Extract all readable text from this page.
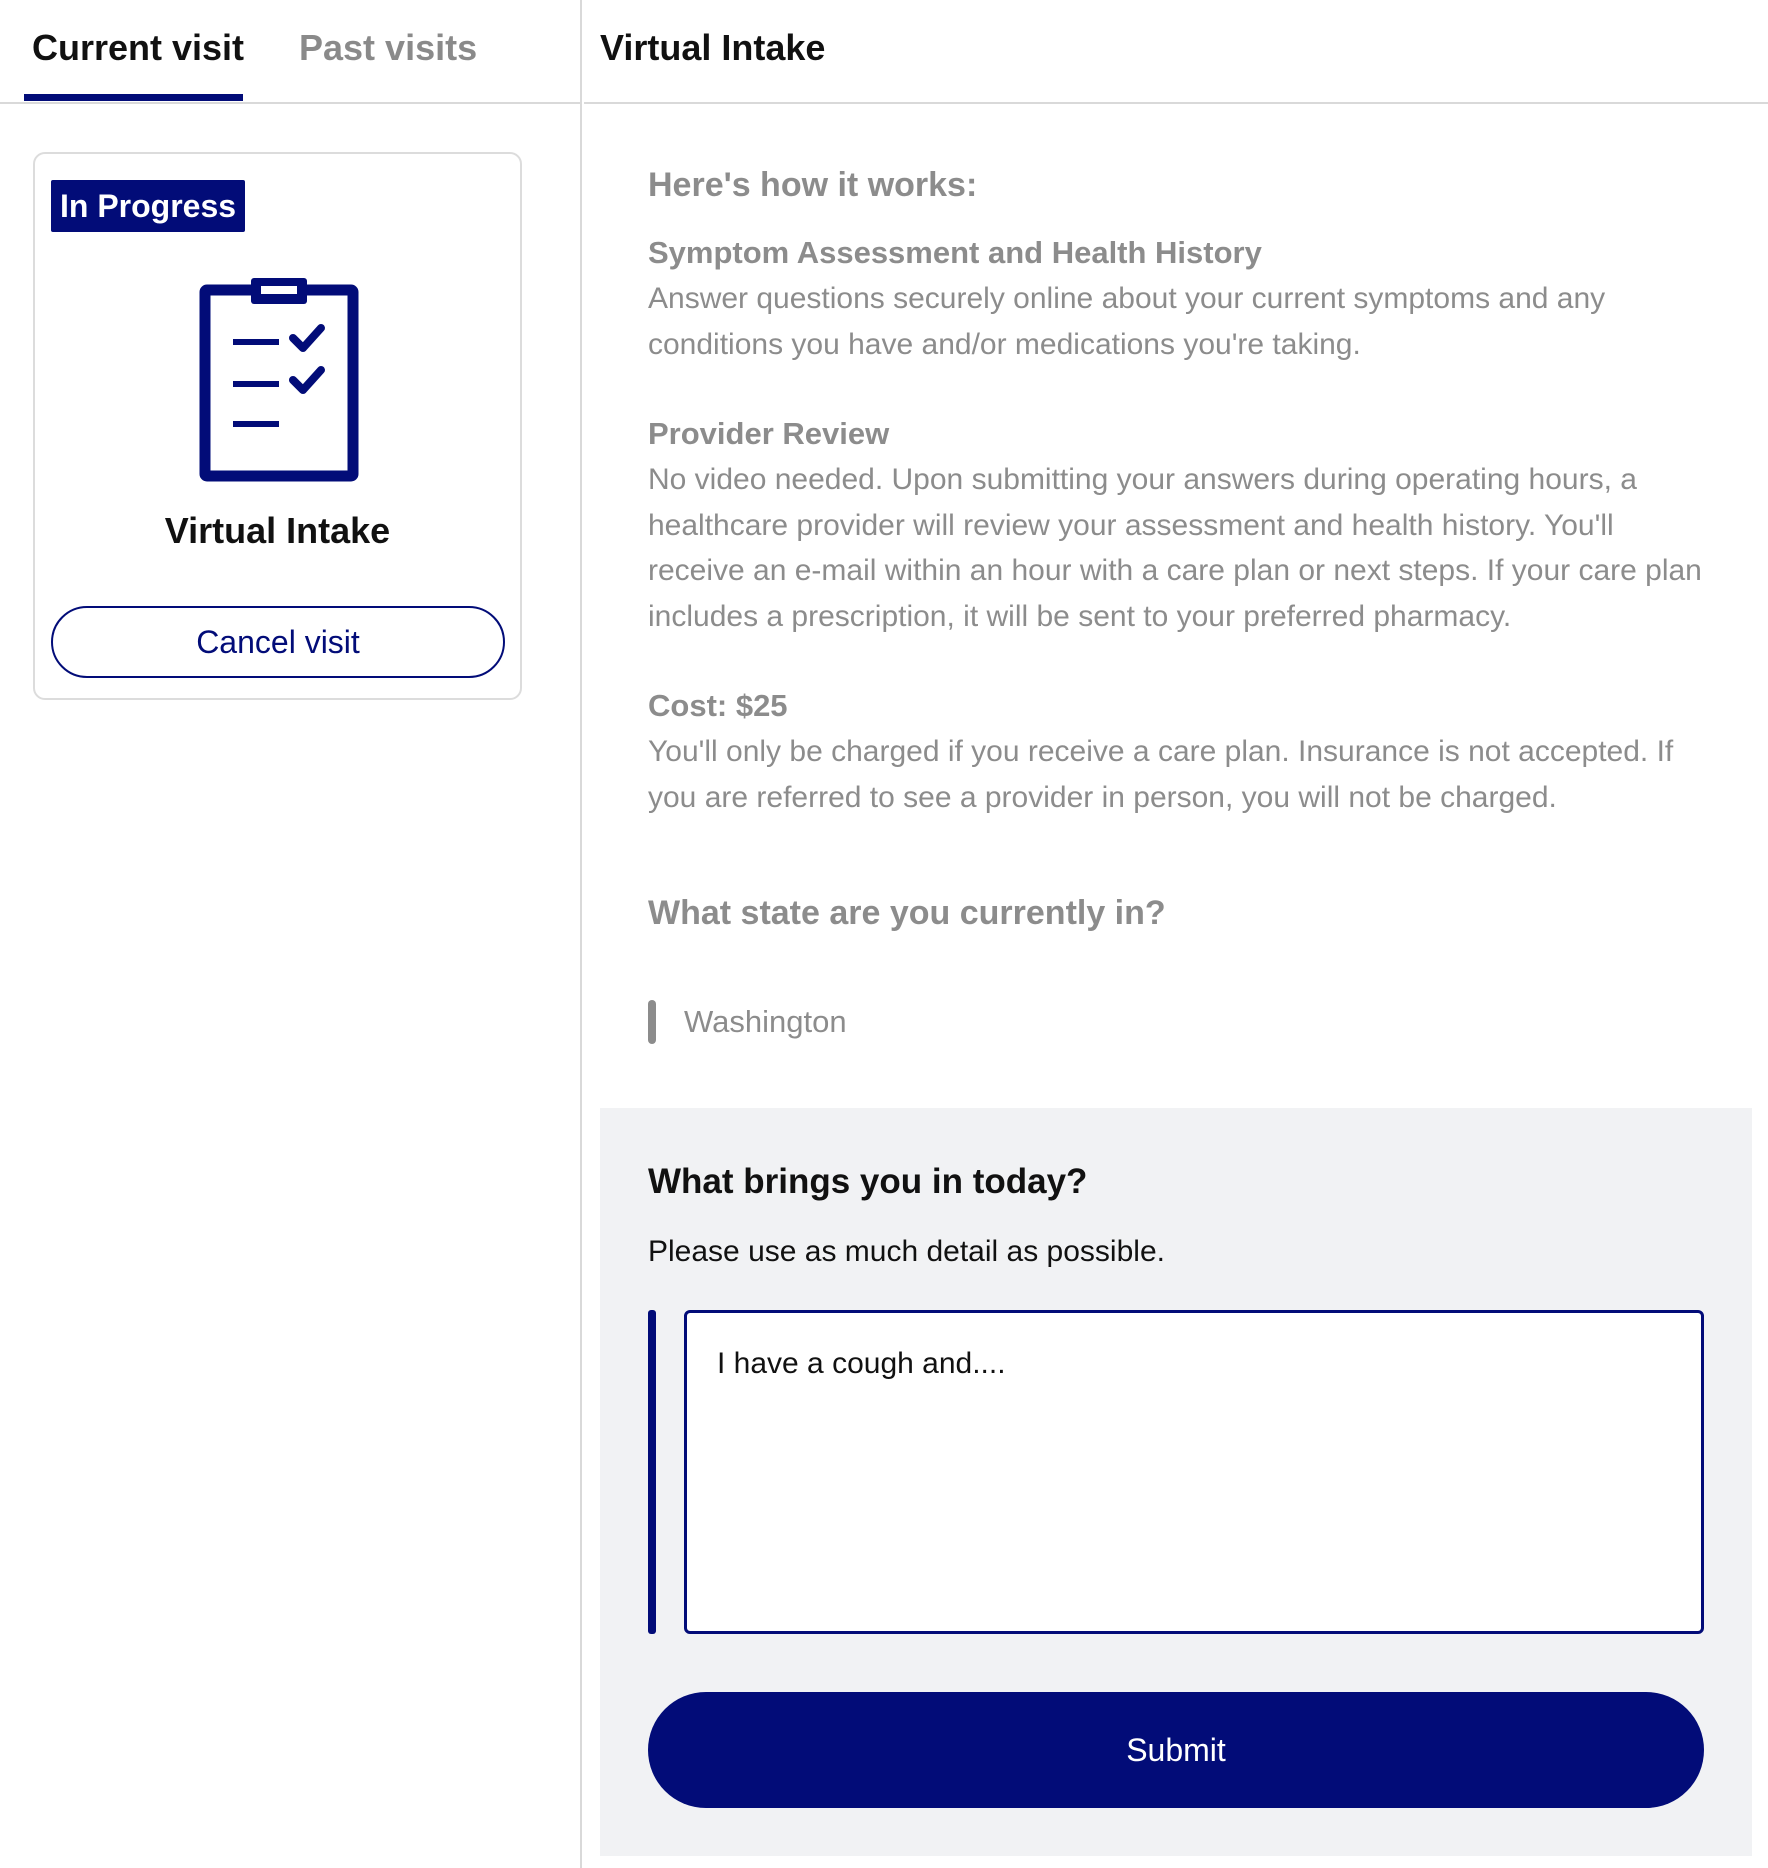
Current visit Past visits
In Progress
Virtual Intake
Cancel visit
Virtual Intake
Here's how it works:
Symptom Assessment and Health History
Answer questions securely online about your current symptoms and any conditions you have and/or medications you're taking.
Provider Review
No video needed. Upon submitting your answers during operating hours, a healthcare provider will review your assessment and health history. You'll receive an e-mail within an hour with a care plan or next steps. If your care plan includes a prescription, it will be sent to your preferred pharmacy.
Cost: $25
You'll only be charged if you receive a care plan. Insurance is not accepted. If you are referred to see a provider in person, you will not be charged.
What state are you currently in?
Washington
What brings you in today?
Please use as much detail as possible.
I have a cough and....
Submit
